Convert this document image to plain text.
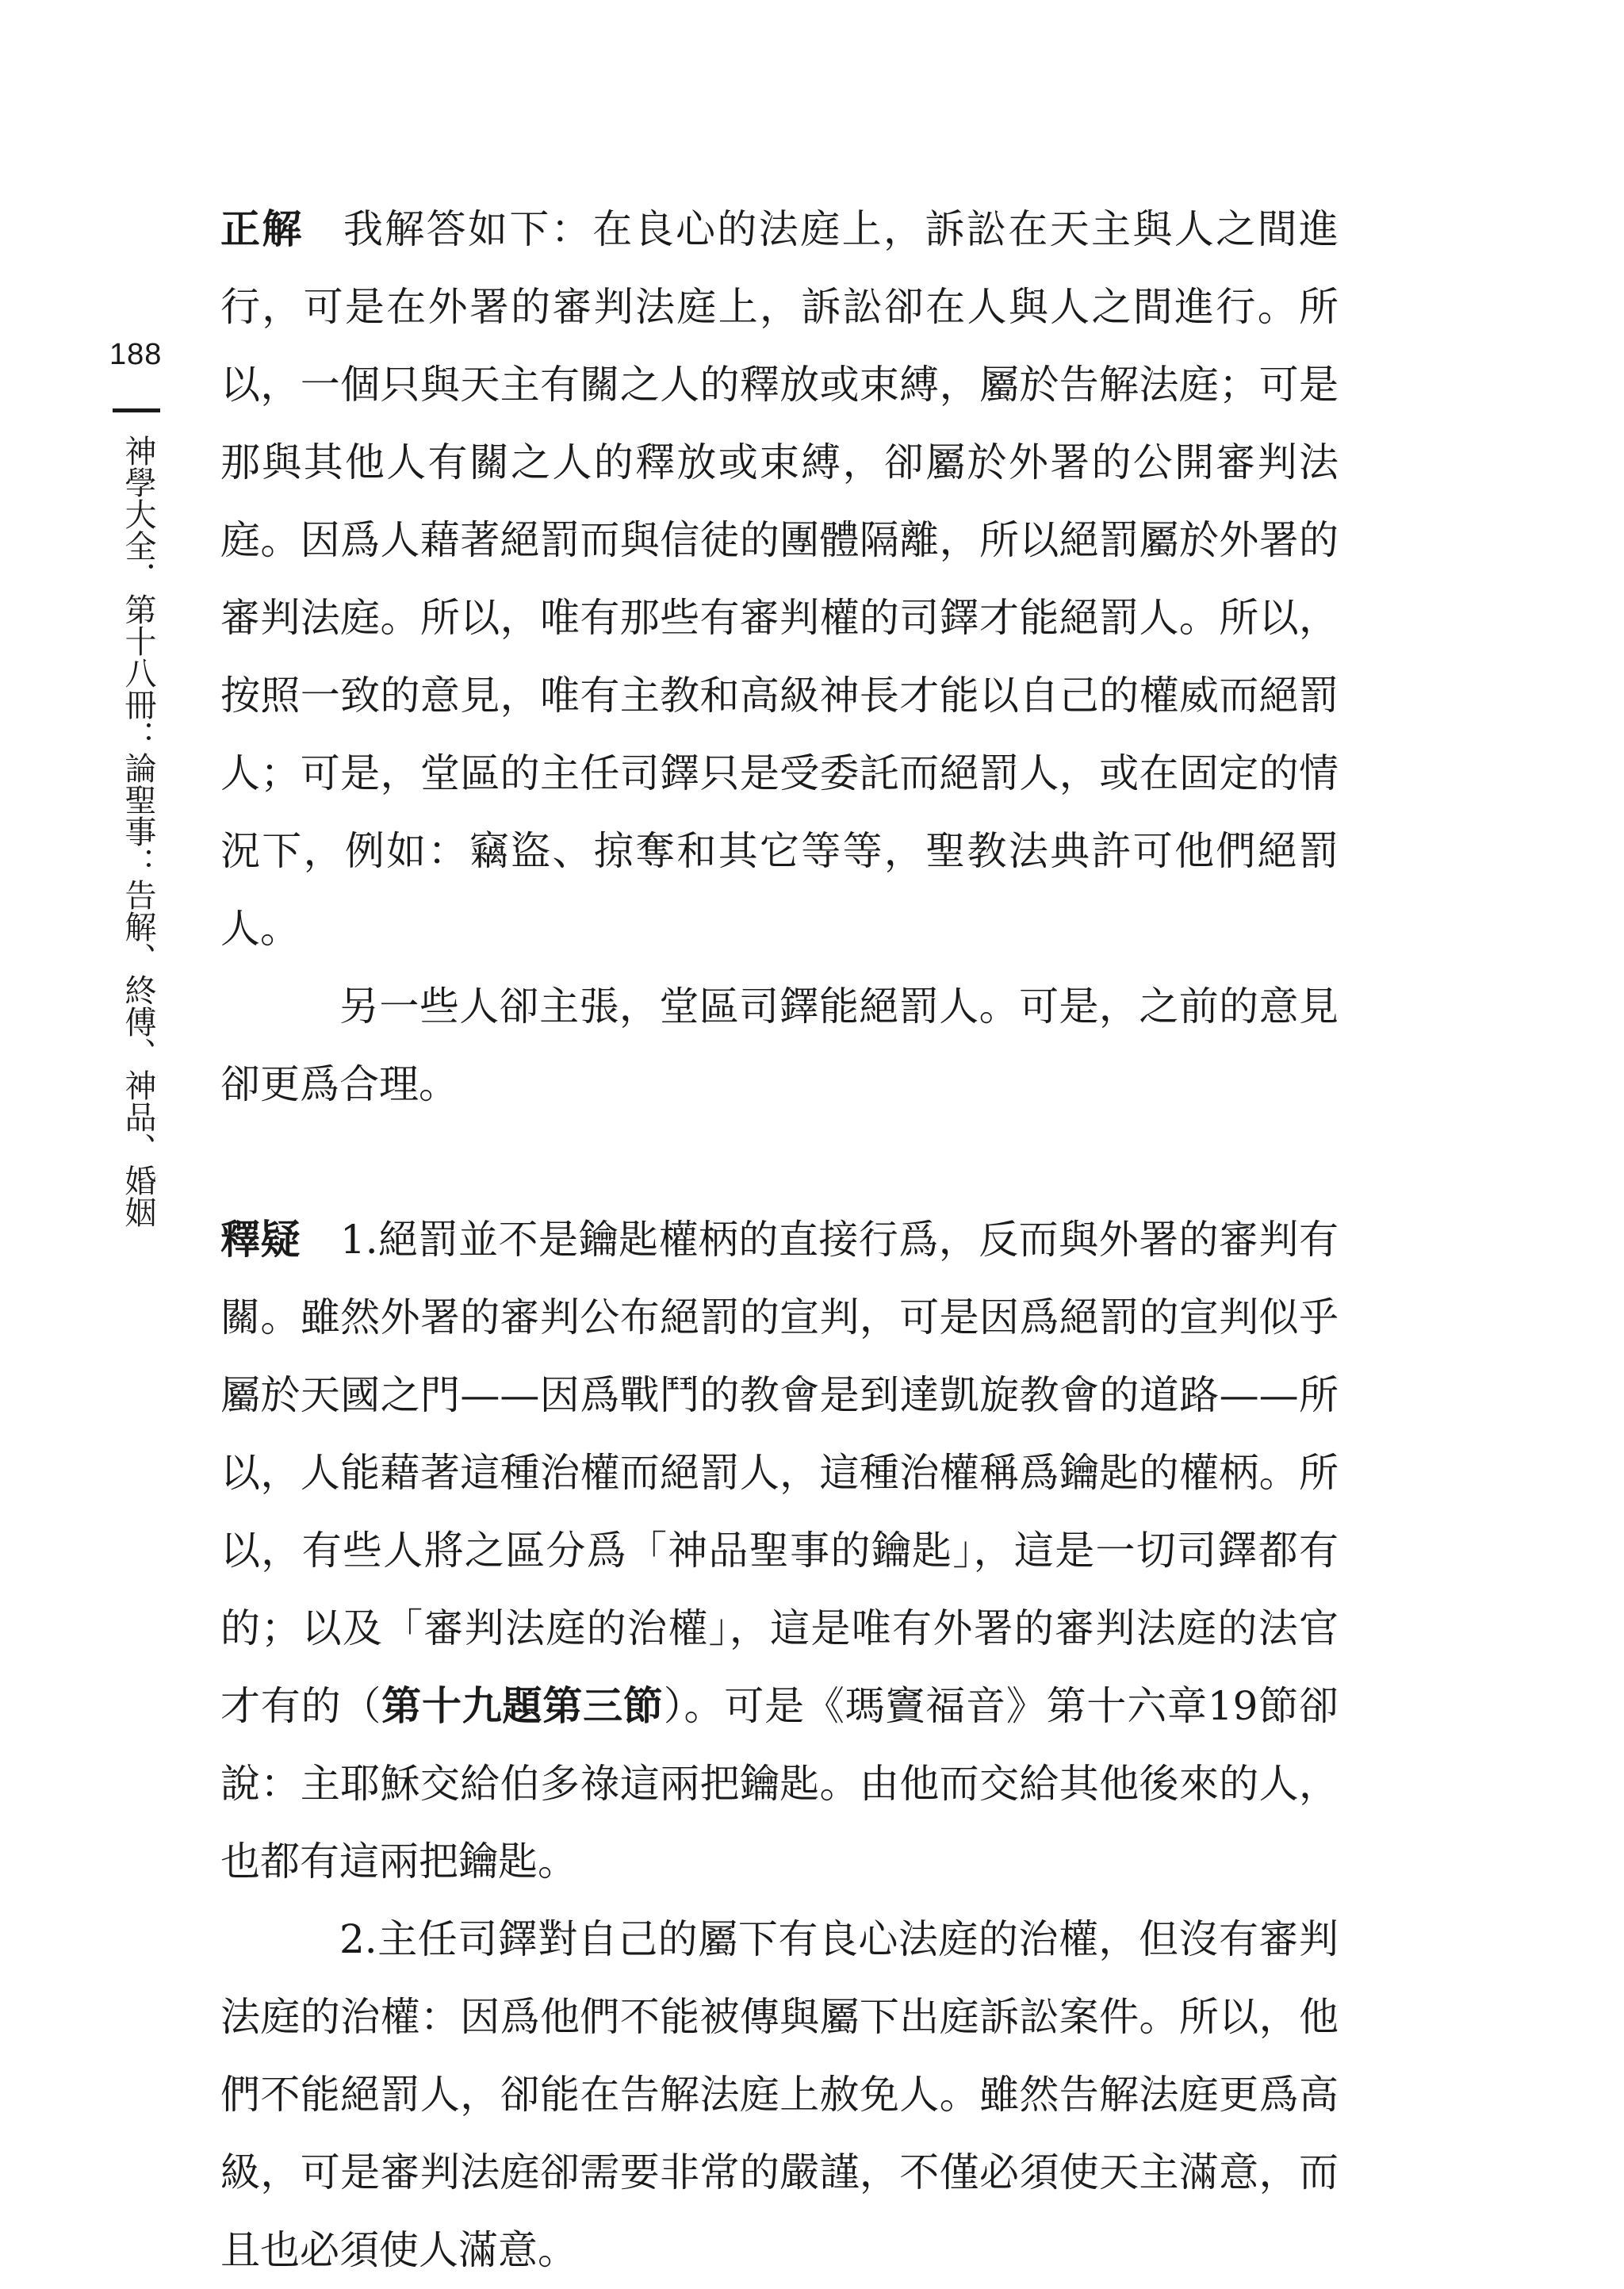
188
神學大全．第十八冊：論聖事：告解、終傅、神品、婚姻

正解 我解答如下：在良心的法庭上，訴訟在天主與人之間進行，可是在外署的審判法庭上，訴訟卻在人與人之間進行。所以，一個只與天主有關之人的釋放或束縛，屬於告解法庭；可是那與其他人有關之人的釋放或束縛，卻屬於外署的公開審判法庭。因爲人藉著絕罰而與信徒的團體隔離，所以絕罰屬於外署的審判法庭。所以，唯有那些有審判權的司鐸才能絕罰人。所以，按照一致的意見，唯有主教和高級神長才能以自己的權威而絕罰人；可是，堂區的主任司鐸只是受委託而絕罰人，或在固定的情況下，例如：竊盜、掠奪和其它等等，聖教法典許可他們絕罰人。

另一些人卻主張，堂區司鐸能絕罰人。可是，之前的意見卻更爲合理。

釋疑 1.絕罰並不是鑰匙權柄的直接行爲，反而與外署的審判有關。雖然外署的審判公布絕罰的宣判，可是因爲絕罰的宣判似乎屬於天國之門——因爲戰鬥的教會是到達凱旋教會的道路——所以，人能藉著這種治權而絕罰人，這種治權稱爲鑰匙的權柄。所以，有些人將之區分爲「神品聖事的鑰匙」，這是一切司鐸都有的；以及「審判法庭的治權」，這是唯有外署的審判法庭的法官才有的（第十九題第三節）。可是《瑪竇福音》第十六章19節卻說：主耶穌交給伯多祿這兩把鑰匙。由他而交給其他後來的人，也都有這兩把鑰匙。

2.主任司鐸對自己的屬下有良心法庭的治權，但沒有審判法庭的治權：因爲他們不能被傳與屬下出庭訴訟案件。所以，他們不能絕罰人，卻能在告解法庭上赦免人。雖然告解法庭更爲高級，可是審判法庭卻需要非常的嚴謹，不僅必須使天主滿意，而且也必須使人滿意。
